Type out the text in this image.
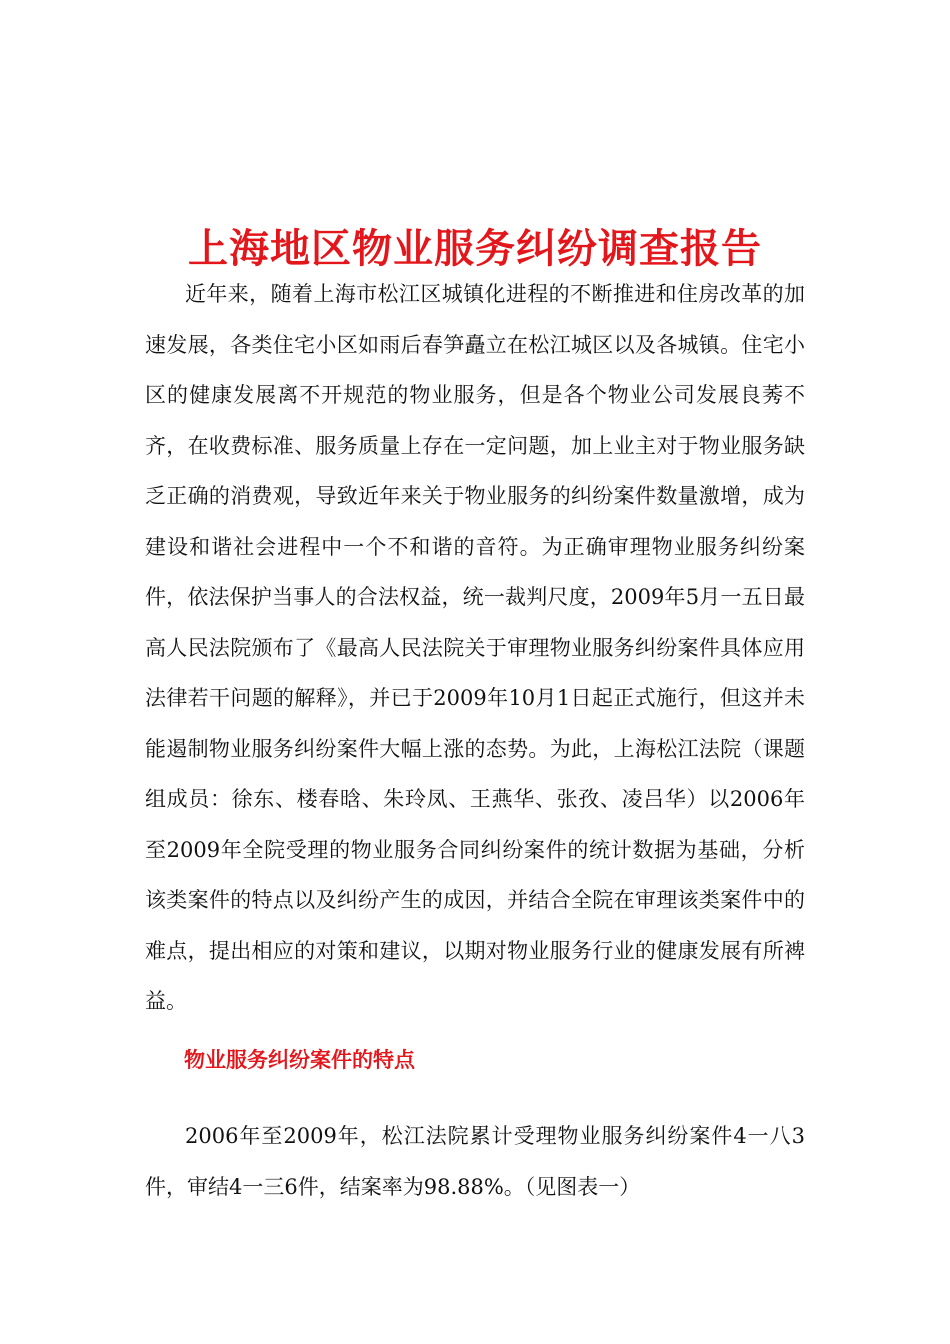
上海地区物业服务纠纷调查报告

近年来，随着上海市松江区城镇化进程的不断推进和住房改革的加速发展，各类住宅小区如雨后春笋矗立在松江城区以及各城镇。住宅小区的健康发展离不开规范的物业服务，但是各个物业公司发展良莠不齐，在收费标准、服务质量上存在一定问题，加上业主对于物业服务缺乏正确的消费观，导致近年来关于物业服务的纠纷案件数量激增，成为建设和谐社会进程中一个不和谐的音符。为正确审理物业服务纠纷案件，依法保护当事人的合法权益，统一裁判尺度，2009年5月一五日最高人民法院颁布了《最高人民法院关于审理物业服务纠纷案件具体应用法律若干问题的解释》，并已于2009年10月1日起正式施行，但这并未能遏制物业服务纠纷案件大幅上涨的态势。为此，上海松江法院（课题组成员：徐东、楼春晗、朱玲凤、王燕华、张孜、凌吕华）以2006年至2009年全院受理的物业服务合同纠纷案件的统计数据为基础，分析该类案件的特点以及纠纷产生的成因，并结合全院在审理该类案件中的难点，提出相应的对策和建议，以期对物业服务行业的健康发展有所裨益。

物业服务纠纷案件的特点

2006年至2009年，松江法院累计受理物业服务纠纷案件4一八3件，审结4一三6件，结案率为98.88%。（见图表一）
